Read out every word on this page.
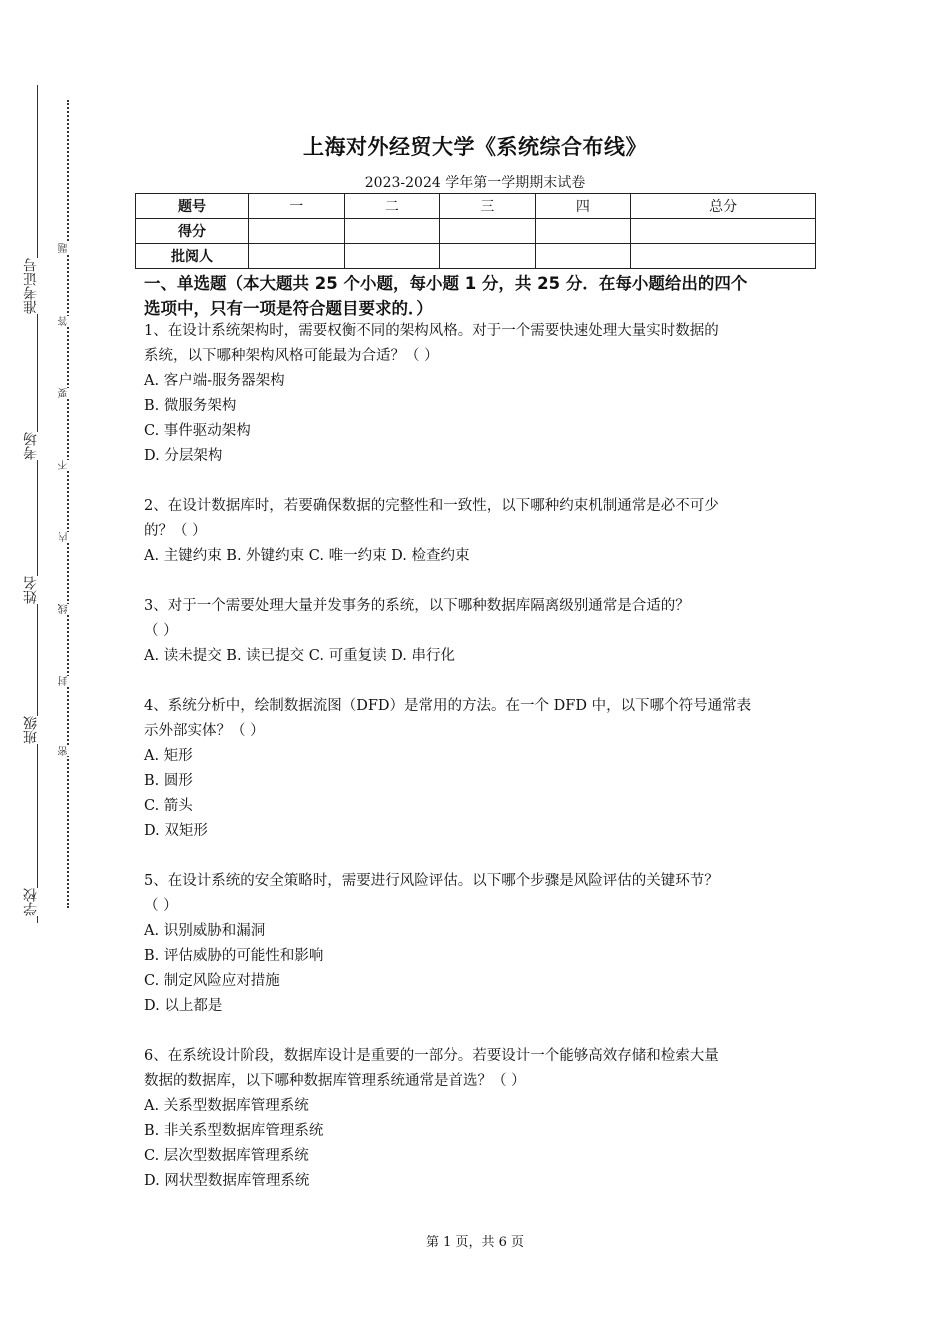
准考证号
考场
姓名
班级
学校
题
答
要
不
内
线
封
密
上海对外经贸大学《系统综合布线》
2023-2024 学年第一学期期末试卷
题号	一	二	三	四	总分
得分					
批阅人					
一、单选题（本大题共 25 个小题，每小题 1 分，共 25 分．在每小题给出的四个
选项中，只有一项是符合题目要求的．）

1、在设计系统架构时，需要权衡不同的架构风格。对于一个需要快速处理大量实时数据的

系统，以下哪种架构风格可能最为合适？（ ）

A. 客户端-服务器架构

B. 微服务架构

C. 事件驱动架构

D. 分层架构

2、在设计数据库时，若要确保数据的完整性和一致性，以下哪种约束机制通常是必不可少

的？（ ）

A. 主键约束 B. 外键约束 C. 唯一约束 D. 检查约束

3、对于一个需要处理大量并发事务的系统，以下哪种数据库隔离级别通常是合适的？

（ ）

A. 读未提交 B. 读已提交 C. 可重复读 D. 串行化

4、系统分析中，绘制数据流图（DFD）是常用的方法。在一个 DFD 中，以下哪个符号通常表

示外部实体？（ ）

A. 矩形

B. 圆形

C. 箭头

D. 双矩形

5、在设计系统的安全策略时，需要进行风险评估。以下哪个步骤是风险评估的关键环节？

（ ）

A. 识别威胁和漏洞

B. 评估威胁的可能性和影响

C. 制定风险应对措施

D. 以上都是

6、在系统设计阶段，数据库设计是重要的一部分。若要设计一个能够高效存储和检索大量

数据的数据库，以下哪种数据库管理系统通常是首选？（ ）

A. 关系型数据库管理系统

B. 非关系型数据库管理系统

C. 层次型数据库管理系统

D. 网状型数据库管理系统

第 1 页，共 6 页
